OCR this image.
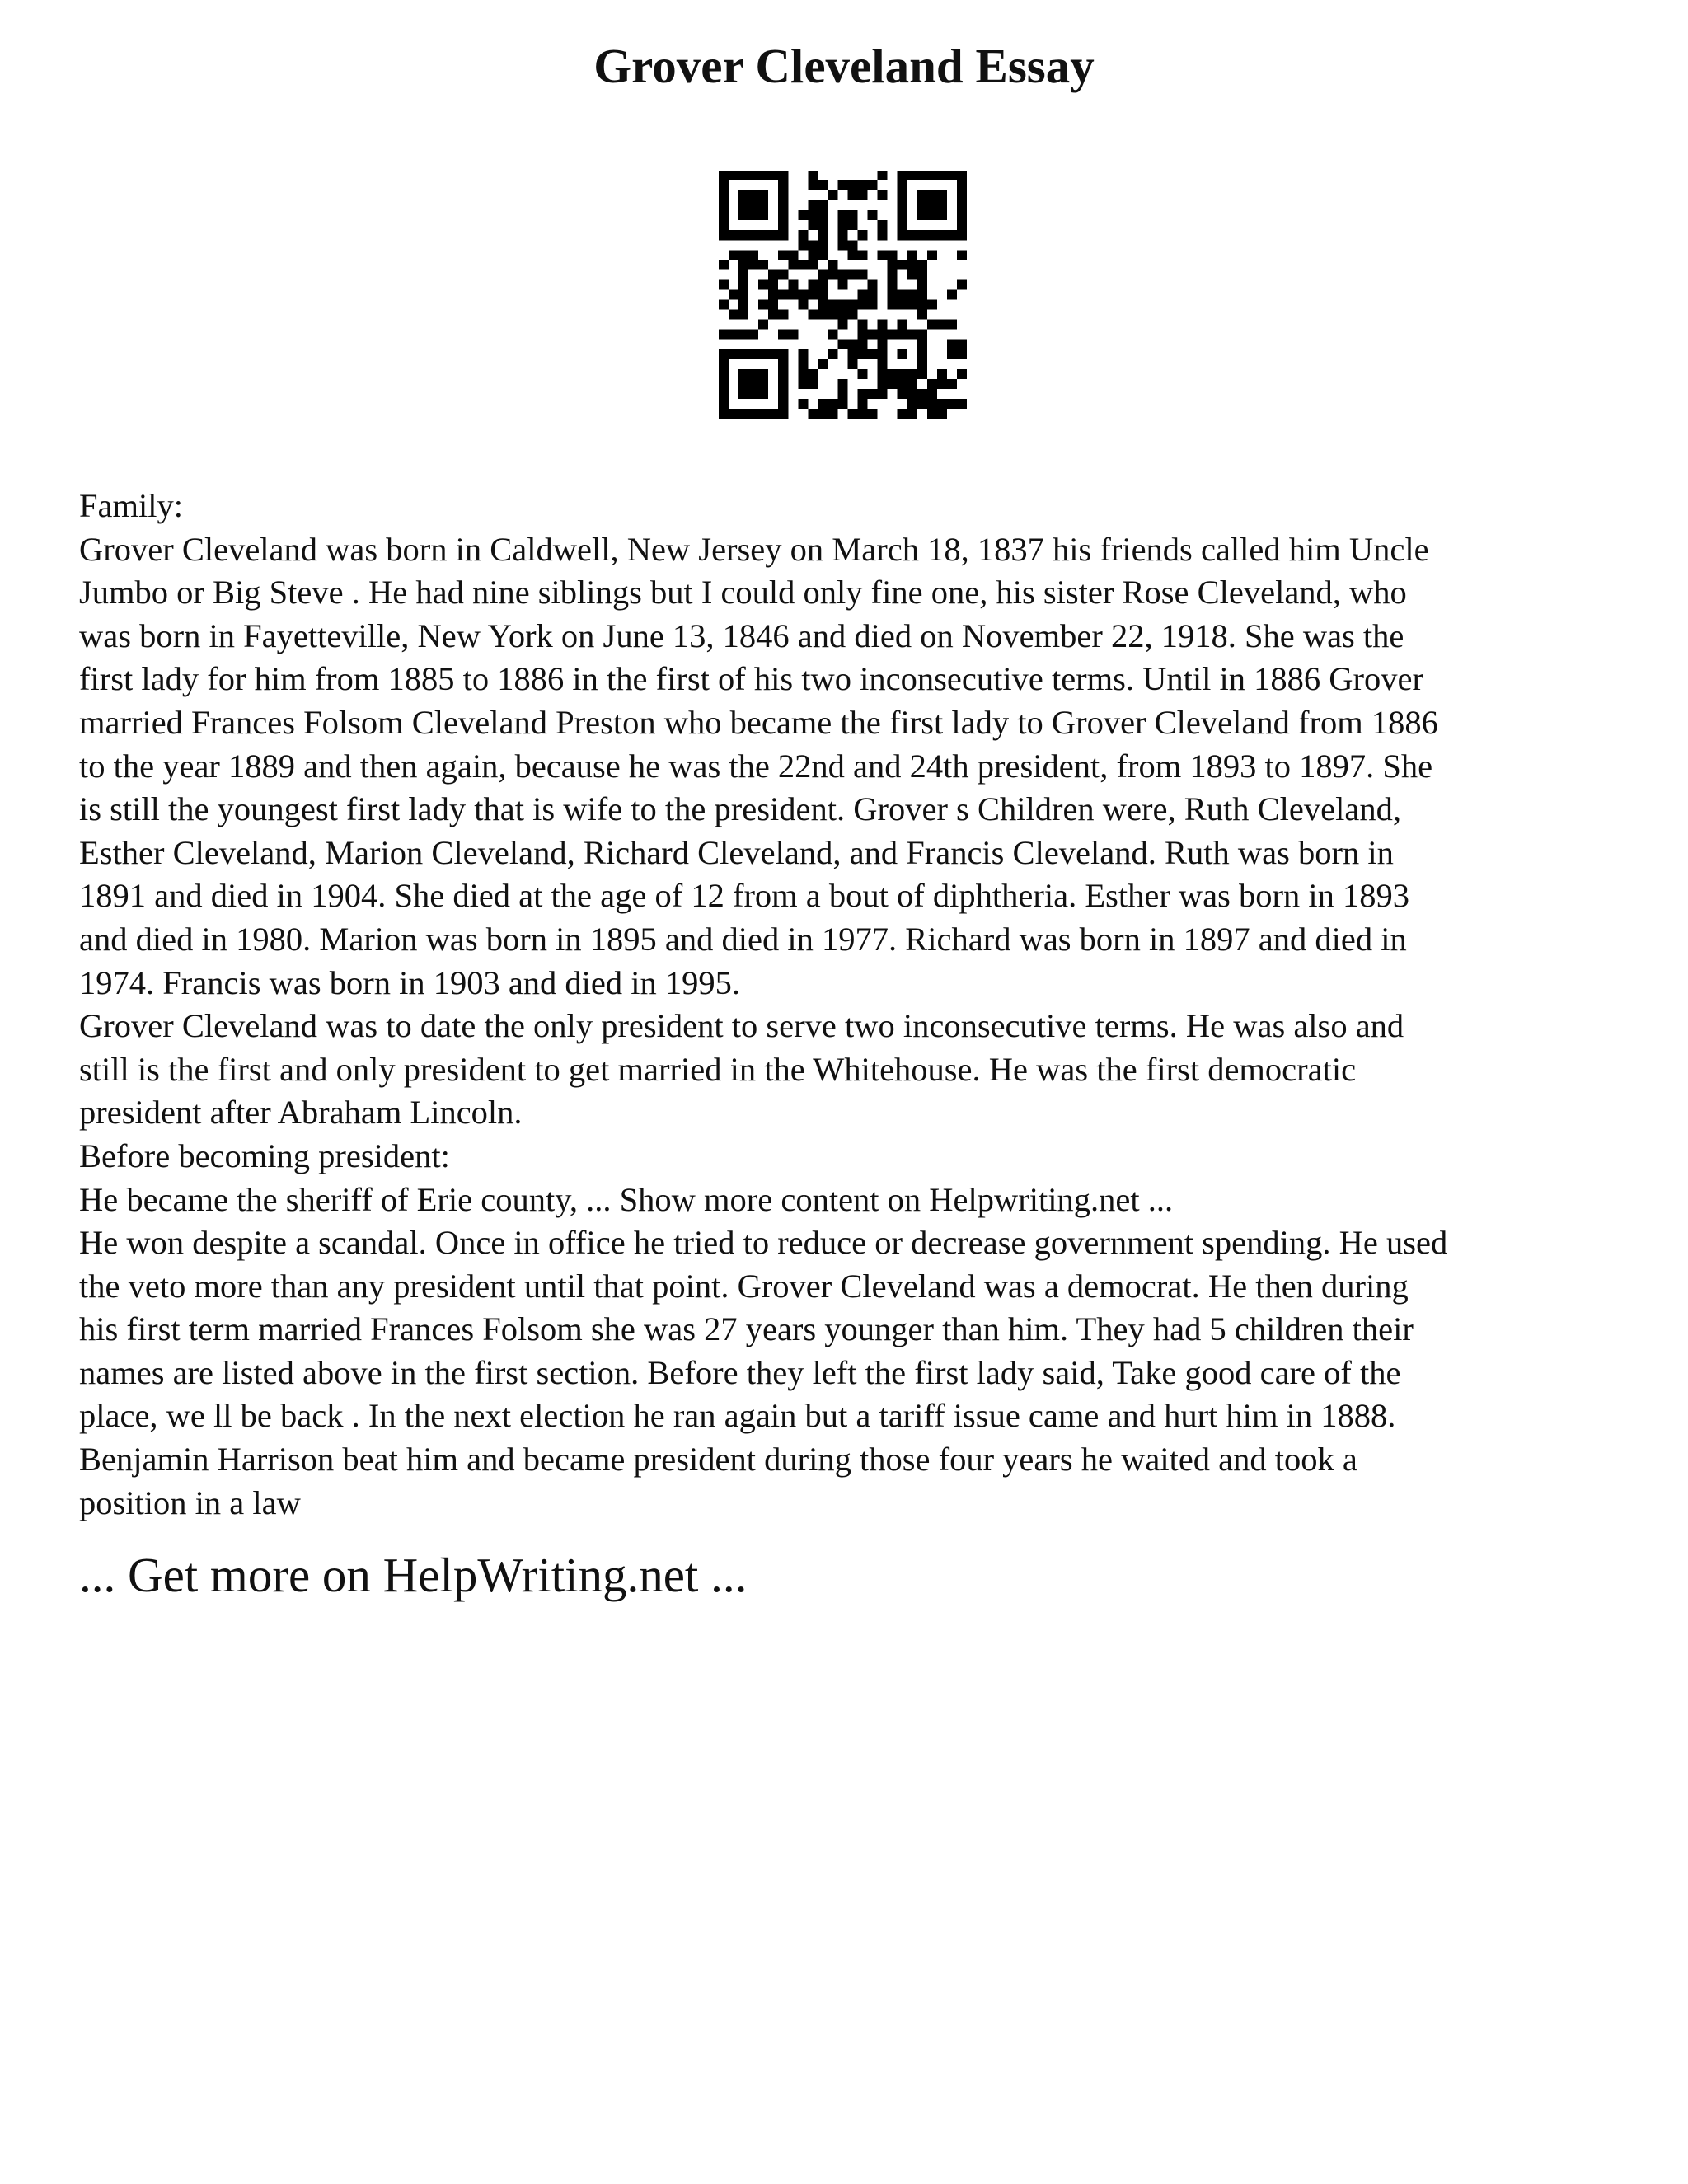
Grover Cleveland Essay

Family:

Grover Cleveland was born in Caldwell, New Jersey on March 18, 1837 his friends called him Uncle

Jumbo or Big Steve . He had nine siblings but I could only fine one, his sister Rose Cleveland, who

was born in Fayetteville, New York on June 13, 1846 and died on November 22, 1918. She was the

first lady for him from 1885 to 1886 in the first of his two inconsecutive terms. Until in 1886 Grover

married Frances Folsom Cleveland Preston who became the first lady to Grover Cleveland from 1886

to the year 1889 and then again, because he was the 22nd and 24th president, from 1893 to 1897. She

is still the youngest first lady that is wife to the president. Grover s Children were, Ruth Cleveland,

Esther Cleveland, Marion Cleveland, Richard Cleveland, and Francis Cleveland. Ruth was born in

1891 and died in 1904. She died at the age of 12 from a bout of diphtheria. Esther was born in 1893

and died in 1980. Marion was born in 1895 and died in 1977. Richard was born in 1897 and died in

1974. Francis was born in 1903 and died in 1995.

Grover Cleveland was to date the only president to serve two inconsecutive terms. He was also and

still is the first and only president to get married in the Whitehouse. He was the first democratic

president after Abraham Lincoln.

Before becoming president:

He became the sheriff of Erie county, ... Show more content on Helpwriting.net ...

He won despite a scandal. Once in office he tried to reduce or decrease government spending. He used

the veto more than any president until that point. Grover Cleveland was a democrat. He then during

his first term married Frances Folsom she was 27 years younger than him. They had 5 children their

names are listed above in the first section. Before they left the first lady said, Take good care of the

place, we ll be back . In the next election he ran again but a tariff issue came and hurt him in 1888.

Benjamin Harrison beat him and became president during those four years he waited and took a

position in a law

... Get more on HelpWriting.net ...
